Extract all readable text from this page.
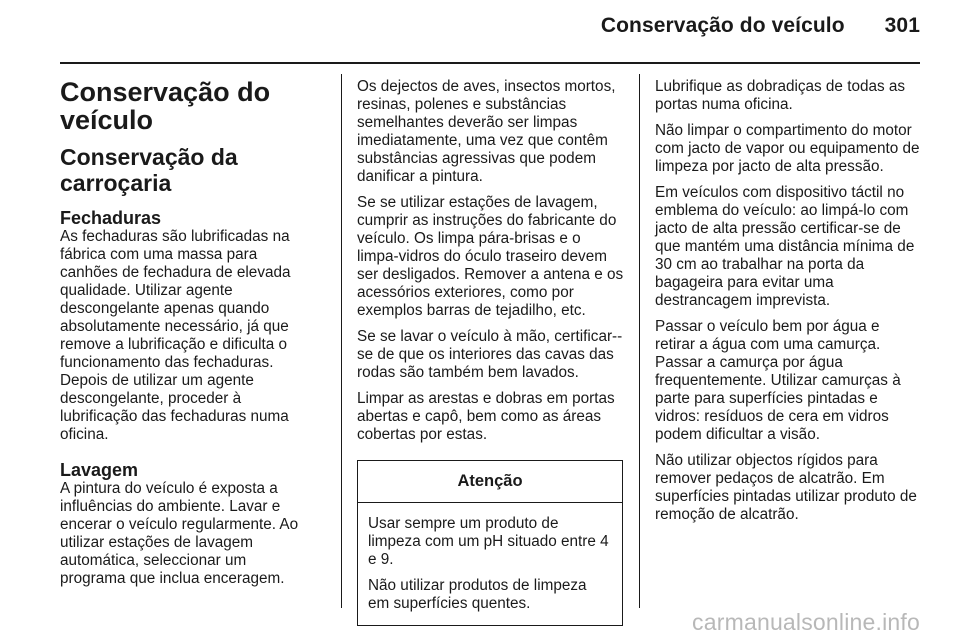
Conservação do veículo 301
Conservação do
veículo
Conservação da
carroçaria
Fechaduras

As fechaduras são lubrificadas na fábrica com uma massa para canhões de fechadura de elevada qualidade. Utilizar agente descongelante apenas quando absolutamente necessário, já que remove a lubrificação e dificulta o funcionamento das fechaduras. Depois de utilizar um agente descongelante, proceder à lubrificação das fechaduras numa oficina.

Lavagem

A pintura do veículo é exposta a influências do ambiente. Lavar e encerar o veículo regularmente. Ao utilizar estações de lavagem automática, seleccionar um programa que inclua enceragem.

Os dejectos de aves, insectos mortos, resinas, polenes e substâncias semelhantes deverão ser limpas imediatamente, uma vez que contêm substâncias agressivas que podem danificar a pintura.

Se se utilizar estações de lavagem, cumprir as instruções do fabricante do veículo. Os limpa pára-brisas e o limpa-vidros do óculo traseiro devem ser desligados. Remover a antena e os acessórios exteriores, como por exemplos barras de tejadilho, etc.

Se se lavar o veículo à mão, certificar--se de que os interiores das cavas das rodas são também bem lavados.

Limpar as arestas e dobras em portas abertas e capô, bem como as áreas cobertas por estas.

Atenção

Usar sempre um produto de limpeza com um pH situado entre 4 e 9.

Não utilizar produtos de limpeza em superfícies quentes.

Lubrifique as dobradiças de todas as portas numa oficina.

Não limpar o compartimento do motor com jacto de vapor ou equipamento de limpeza por jacto de alta pressão.

Em veículos com dispositivo táctil no emblema do veículo: ao limpá-lo com jacto de alta pressão certificar-se de que mantém uma distância mínima de 30 cm ao trabalhar na porta da bagageira para evitar uma destrancagem imprevista.

Passar o veículo bem por água e retirar a água com uma camurça. Passar a camurça por água frequentemente. Utilizar camurças à parte para superfícies pintadas e vidros: resíduos de cera em vidros podem dificultar a visão.

Não utilizar objectos rígidos para remover pedaços de alcatrão. Em superfícies pintadas utilizar produto de remoção de alcatrão.

carmanualsonline.info
